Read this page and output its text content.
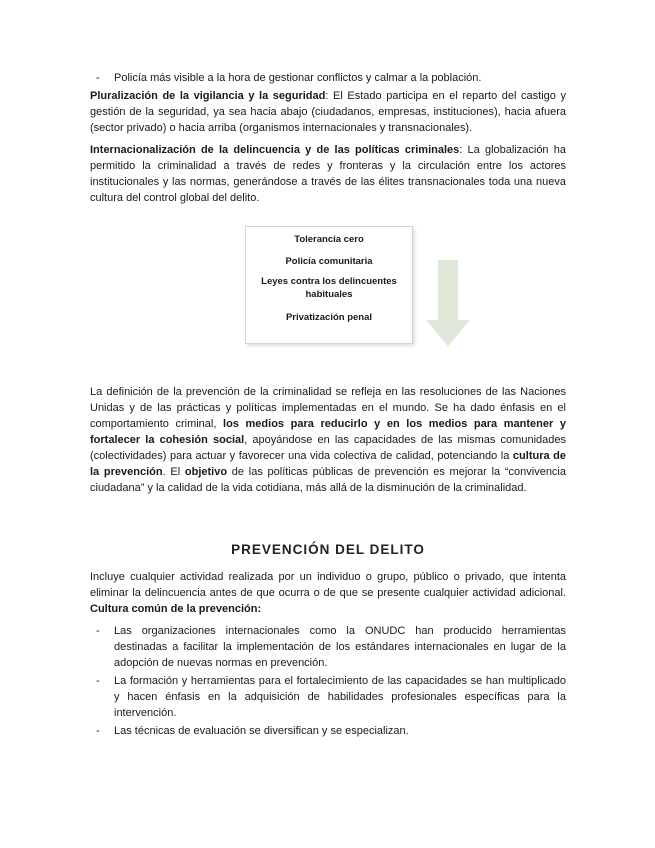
- Policía más visible a la hora de gestionar conflictos y calmar a la población.

Pluralización de la vigilancia y la seguridad: El Estado participa en el reparto del castigo y gestión de la seguridad, ya sea hacia abajo (ciudadanos, empresas, instituciones), hacia afuera (sector privado) o hacia arriba (organismos internacionales y transnacionales).

Internacionalización de la delincuencia y de las políticas criminales: La globalización ha permitido la criminalidad a través de redes y fronteras y la circulación entre los actores institucionales y las normas, generándose a través de las élites transnacionales toda una nueva cultura del control global del delito.

Tolerancia cero
Policía comunitaria
Leyes contra los delincuentes habituales
Privatización penal

La definición de la prevención de la criminalidad se refleja en las resoluciones de las Naciones Unidas y de las prácticas y políticas implementadas en el mundo. Se ha dado énfasis en el comportamiento criminal, los medios para reducirlo y en los medios para mantener y fortalecer la cohesión social, apoyándose en las capacidades de las mismas comunidades (colectividades) para actuar y favorecer una vida colectiva de calidad, potenciando la cultura de la prevención. El objetivo de las políticas públicas de prevención es mejorar la “convivencia ciudadana” y la calidad de la vida cotidiana, más allá de la disminución de la criminalidad.

PREVENCIÓN DEL DELITO

Incluye cualquier actividad realizada por un individuo o grupo, público o privado, que intenta eliminar la delincuencia antes de que ocurra o de que se presente cualquier actividad adicional. Cultura común de la prevención:

- Las organizaciones internacionales como la ONUDC han producido herramientas destinadas a facilitar la implementación de los estándares internacionales en lugar de la adopción de nuevas normas en prevención.
- La formación y herramientas para el fortalecimiento de las capacidades se han multiplicado y hacen énfasis en la adquisición de habilidades profesionales específicas para la intervención.
- Las técnicas de evaluación se diversifican y se especializan.
